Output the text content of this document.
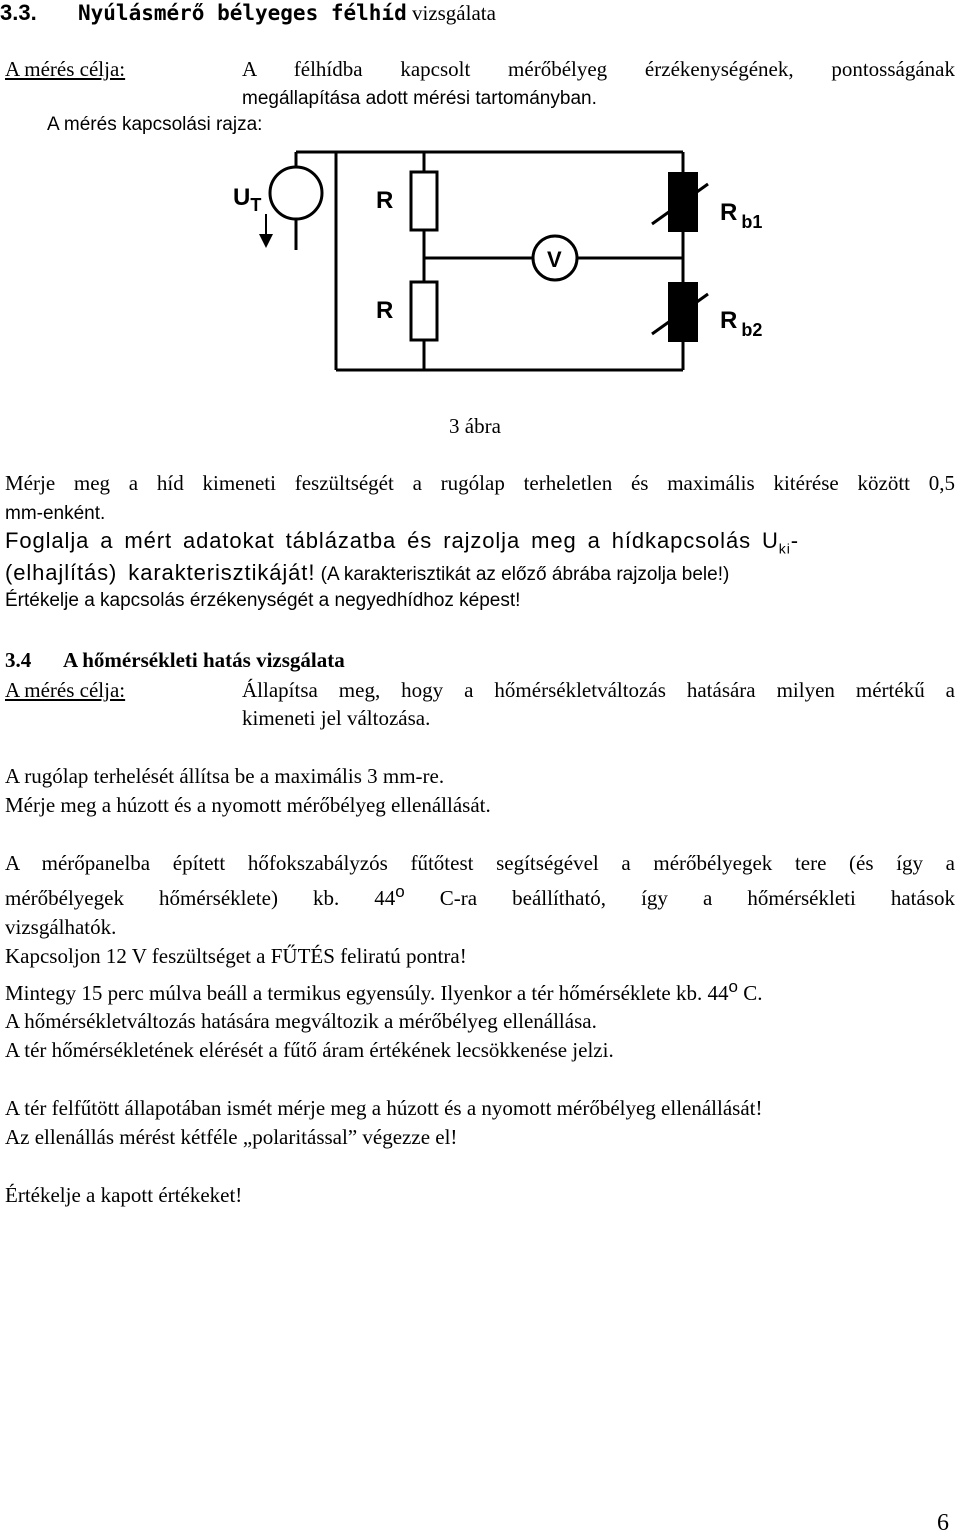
3.3. Nyúlásmérő bélyeges félhíd vizsgálata
A mérés célja:	A félhídba kapcsolt mérőbélyeg érzékenységének, pontosságának
megállapítása adott mérési tartományban.
A mérés kapcsolási rajza:
$U_T$	R
R
V
R $_{b1}$
R $_{b2}$
3 ábra
Mérje meg a híd kimeneti feszültségét a rugólap terheletlen és maximális kitérése között 0,5
mm-enként.
Foglalja a mért adatokat táblázatba és rajzolja meg a hídkapcsolás $U_{ki}-$
(elhajlítás) karakterisztikáját! (A karakterisztikát az előző ábrába rajzolja bele!)
Értékelje a kapcsolás érzékenységét a negyedhídhoz képest!
3.4 A hőmérsékleti hatás vizsgálata
A mérés célja:	Állapítsa meg, hogy a hőmérsékletváltozás hatására milyen mértékű a
kimeneti jel változása.
A rugólap terhelését állítsa be a maximális 3 mm-re.
Mérje meg a húzott és a nyomott mérőbélyeg ellenállását.
A mérőpanelba épített hőfokszabályzós fűtőtest segítségével a mérőbélyegek tere (és így a
mérőbélyegek hőmérséklete) kb. 44$^o$ C-ra beállítható, így a hőmérsékleti hatások
vizsgálhatók.
Kapcsoljon 12 V feszültséget a FŰTÉS feliratú pontra!
Mintegy 15 perc múlva beáll a termikus egyensúly. Ilyenkor a tér hőmérséklete kb. 44$^o$ C.
A hőmérsékletváltozás hatására megváltozik a mérőbélyeg ellenállása.
A tér hőmérsékletének elérését a fűtő áram értékének lecsökkenése jelzi.
A tér felfűtött állapotában ismét mérje meg a húzott és a nyomott mérőbélyeg ellenállását!
Az ellenállás mérést kétféle „polaritással” végezze el!
Értékelje a kapott értékeket!
6
